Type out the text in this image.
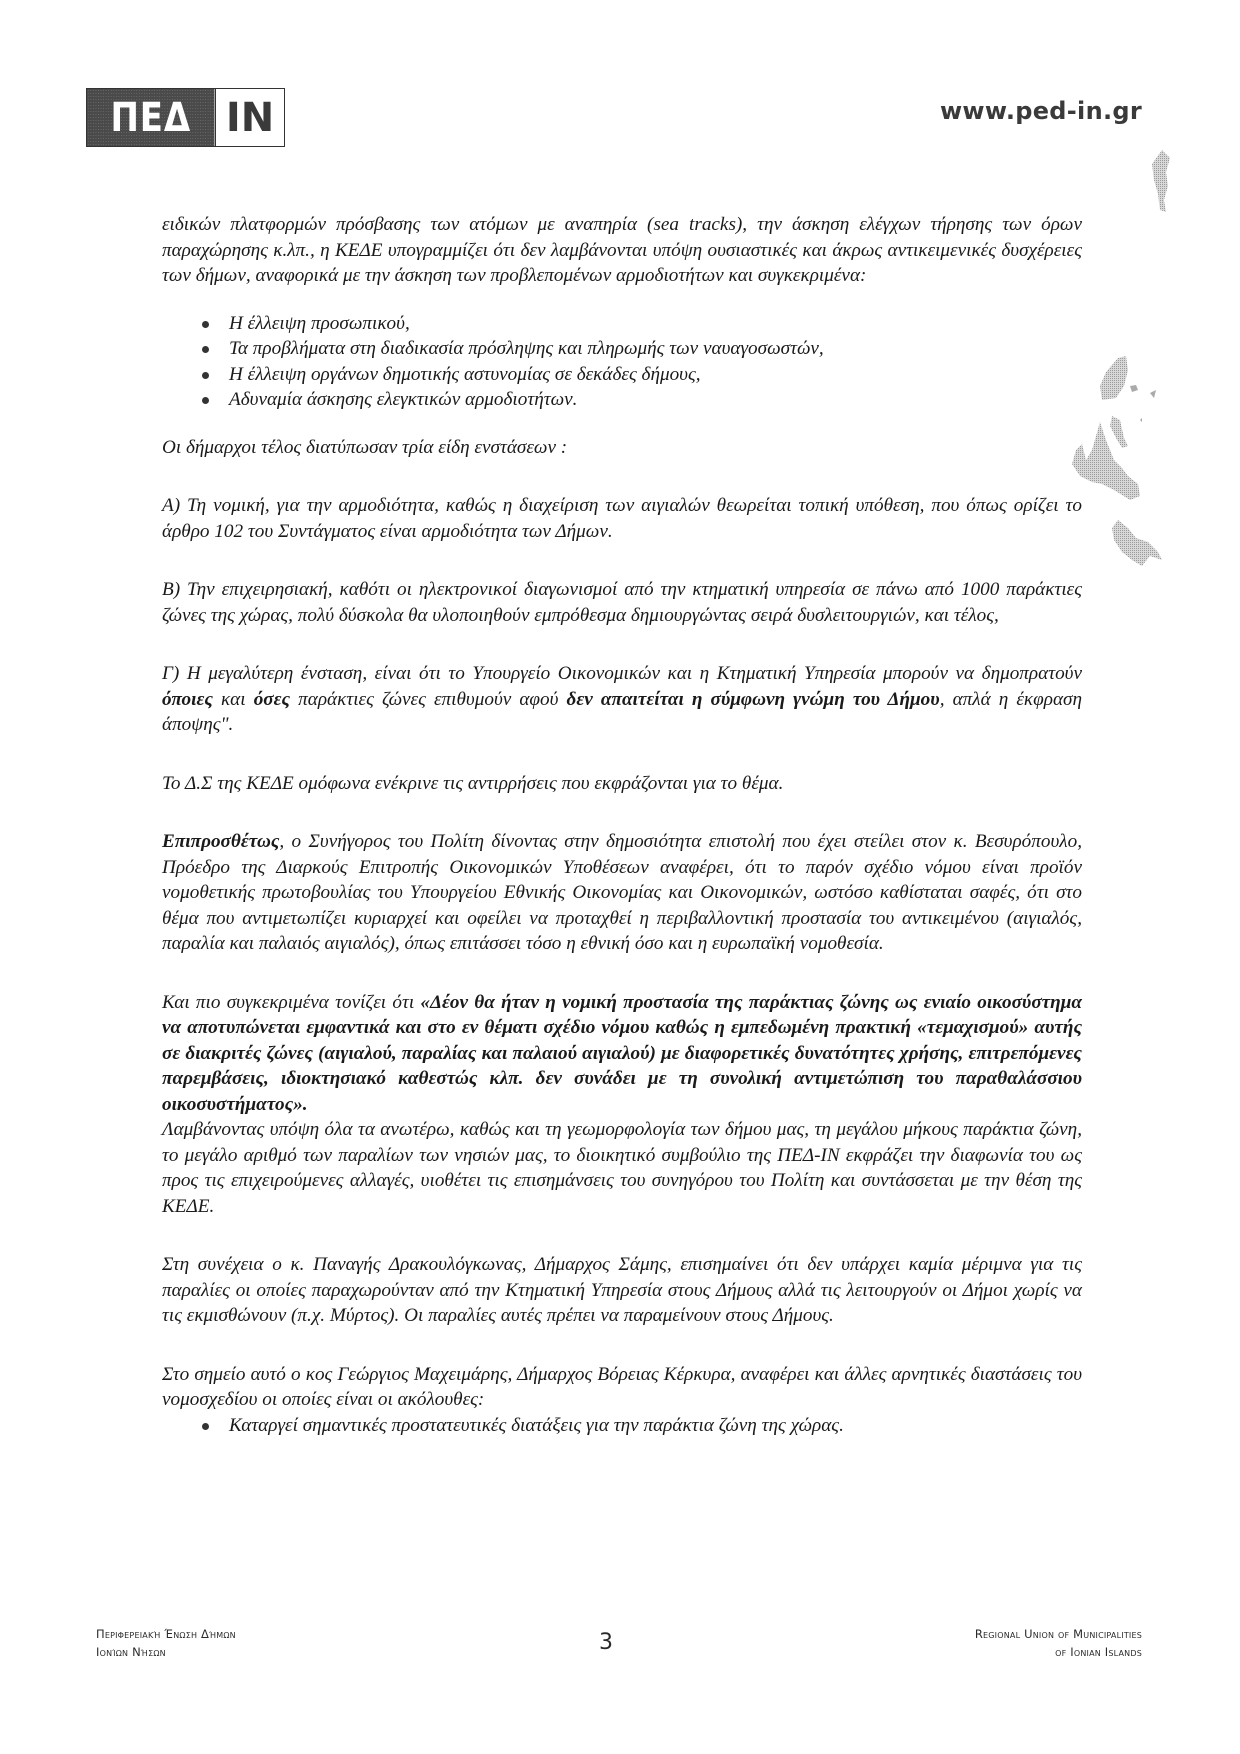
ΠΕΔ IN	www.ped-in.gr

ειδικών πλατφορμών πρόσβασης των ατόμων με αναπηρία (sea tracks), την άσκηση ελέγχων τήρησης των όρων παραχώρησης κ.λπ., η ΚΕΔΕ υπογραμμίζει ότι δεν λαμβάνονται υπόψη ουσιαστικές και άκρως αντικειμενικές δυσχέρειες των δήμων, αναφορικά με την άσκηση των προβλεπομένων αρμοδιοτήτων και συγκεκριμένα:

Η έλλειψη προσωπικού,
Τα προβλήματα στη διαδικασία πρόσληψης και πληρωμής των ναυαγοσωστών,
Η έλλειψη οργάνων δημοτικής αστυνομίας σε δεκάδες δήμους,
Αδυναμία άσκησης ελεγκτικών αρμοδιοτήτων.

Οι δήμαρχοι τέλος διατύπωσαν τρία είδη ενστάσεων :

Α) Τη νομική, για την αρμοδιότητα, καθώς η διαχείριση των αιγιαλών θεωρείται τοπική υπόθεση, που όπως ορίζει το άρθρο 102 του Συντάγματος είναι αρμοδιότητα των Δήμων.

Β) Την επιχειρησιακή, καθότι οι ηλεκτρονικοί διαγωνισμοί από την κτηματική υπηρεσία σε πάνω από 1000 παράκτιες ζώνες της χώρας, πολύ δύσκολα θα υλοποιηθούν εμπρόθεσμα δημιουργώντας σειρά δυσλειτουργιών, και τέλος,

Γ) Η μεγαλύτερη ένσταση, είναι ότι το Υπουργείο Οικονομικών και η Κτηματική Υπηρεσία μπορούν να δημοπρατούν όποιες και όσες παράκτιες ζώνες επιθυμούν αφού δεν απαιτείται η σύμφωνη γνώμη του Δήμου, απλά η έκφραση άποψης".

Το Δ.Σ της ΚΕΔΕ ομόφωνα ενέκρινε τις αντιρρήσεις που εκφράζονται για το θέμα.

Επιπροσθέτως, ο Συνήγορος του Πολίτη δίνοντας στην δημοσιότητα επιστολή που έχει στείλει στον κ. Βεσυρόπουλο, Πρόεδρο της Διαρκούς Επιτροπής Οικονομικών Υποθέσεων αναφέρει, ότι το παρόν σχέδιο νόμου είναι προϊόν νομοθετικής πρωτοβουλίας του Υπουργείου Εθνικής Οικονομίας και Οικονομικών, ωστόσο καθίσταται σαφές, ότι στο θέμα που αντιμετωπίζει κυριαρχεί και οφείλει να προταχθεί η περιβαλλοντική προστασία του αντικειμένου (αιγιαλός, παραλία και παλαιός αιγιαλός), όπως επιτάσσει τόσο η εθνική όσο και η ευρωπαϊκή νομοθεσία.

Και πιο συγκεκριμένα τονίζει ότι «Δέον θα ήταν η νομική προστασία της παράκτιας ζώνης ως ενιαίο οικοσύστημα να αποτυπώνεται εμφαντικά και στο εν θέματι σχέδιο νόμου καθώς η εμπεδωμένη πρακτική «τεμαχισμού» αυτής σε διακριτές ζώνες (αιγιαλού, παραλίας και παλαιού αιγιαλού) με διαφορετικές δυνατότητες χρήσης, επιτρεπόμενες παρεμβάσεις, ιδιοκτησιακό καθεστώς κλπ. δεν συνάδει με τη συνολική αντιμετώπιση του παραθαλάσσιου οικοσυστήματος».

Λαμβάνοντας υπόψη όλα τα ανωτέρω, καθώς και τη γεωμορφολογία των δήμου μας, τη μεγάλου μήκους παράκτια ζώνη, το μεγάλο αριθμό των παραλίων των νησιών μας, το διοικητικό συμβούλιο της ΠΕΔ-ΙΝ εκφράζει την διαφωνία του ως προς τις επιχειρούμενες αλλαγές, υιοθέτει τις επισημάνσεις του συνηγόρου του Πολίτη και συντάσσεται με την θέση της ΚΕΔΕ.

Στη συνέχεια ο κ. Παναγής Δρακουλόγκωνας, Δήμαρχος Σάμης, επισημαίνει ότι δεν υπάρχει καμία μέριμνα για τις παραλίες οι οποίες παραχωρούνταν από την Κτηματική Υπηρεσία στους Δήμους αλλά τις λειτουργούν οι Δήμοι χωρίς να τις εκμισθώνουν (π.χ. Μύρτος). Οι παραλίες αυτές πρέπει να παραμείνουν στους Δήμους.

Στο σημείο αυτό ο κος Γεώργιος Μαχειμάρης, Δήμαρχος Βόρειας Κέρκυρα, αναφέρει και άλλες αρνητικές διαστάσεις του νομοσχεδίου οι οποίες είναι οι ακόλουθες:

Καταργεί σημαντικές προστατευτικές διατάξεις για την παράκτια ζώνη της χώρας.
Περιφερειακή Ένωση Δήμων
Ιονίων Νήσων	3	Regional Union of Municipalities
of Ionian Islands
